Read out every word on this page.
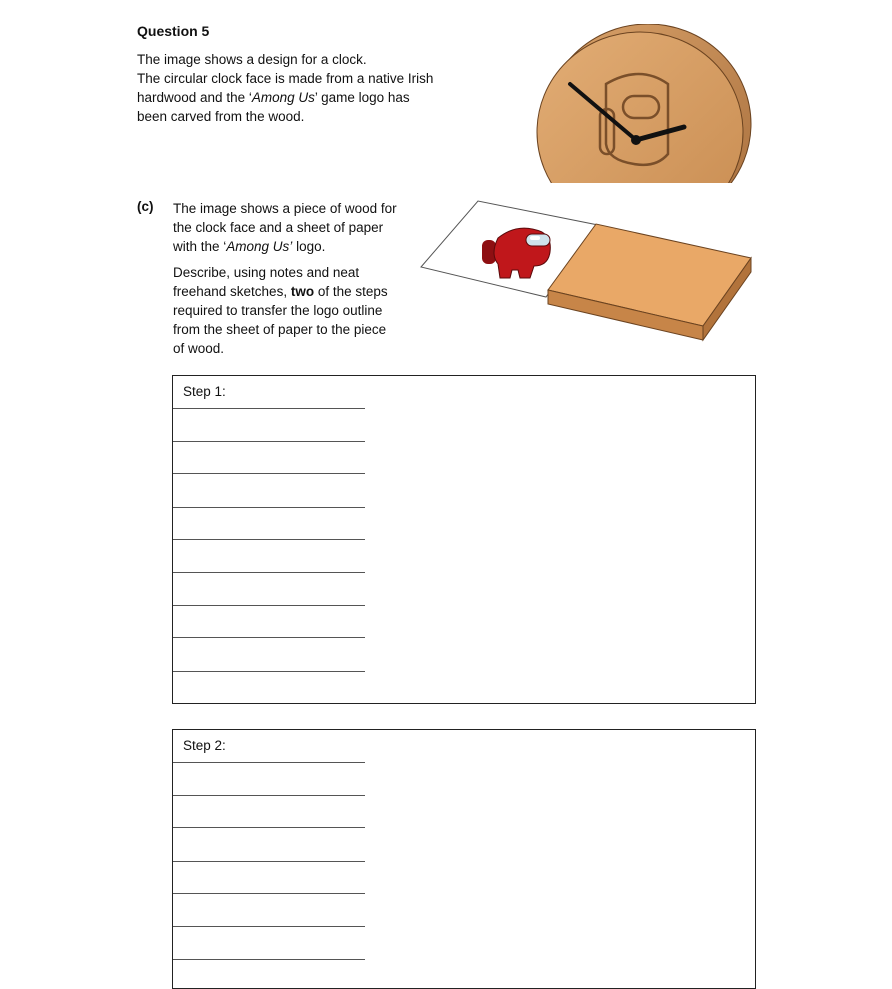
Question 5
The image shows a design for a clock.
The circular clock face is made from a native Irish
hardwood and the ‘Among Us’ game logo has
been carved from the wood.
(c) The image shows a piece of wood for
the clock face and a sheet of paper
with the ‘Among Us’ logo.

Describe, using notes and neat
freehand sketches, two of the steps
required to transfer the logo outline
from the sheet of paper to the piece
of wood.

Step 1:
Step 2:
